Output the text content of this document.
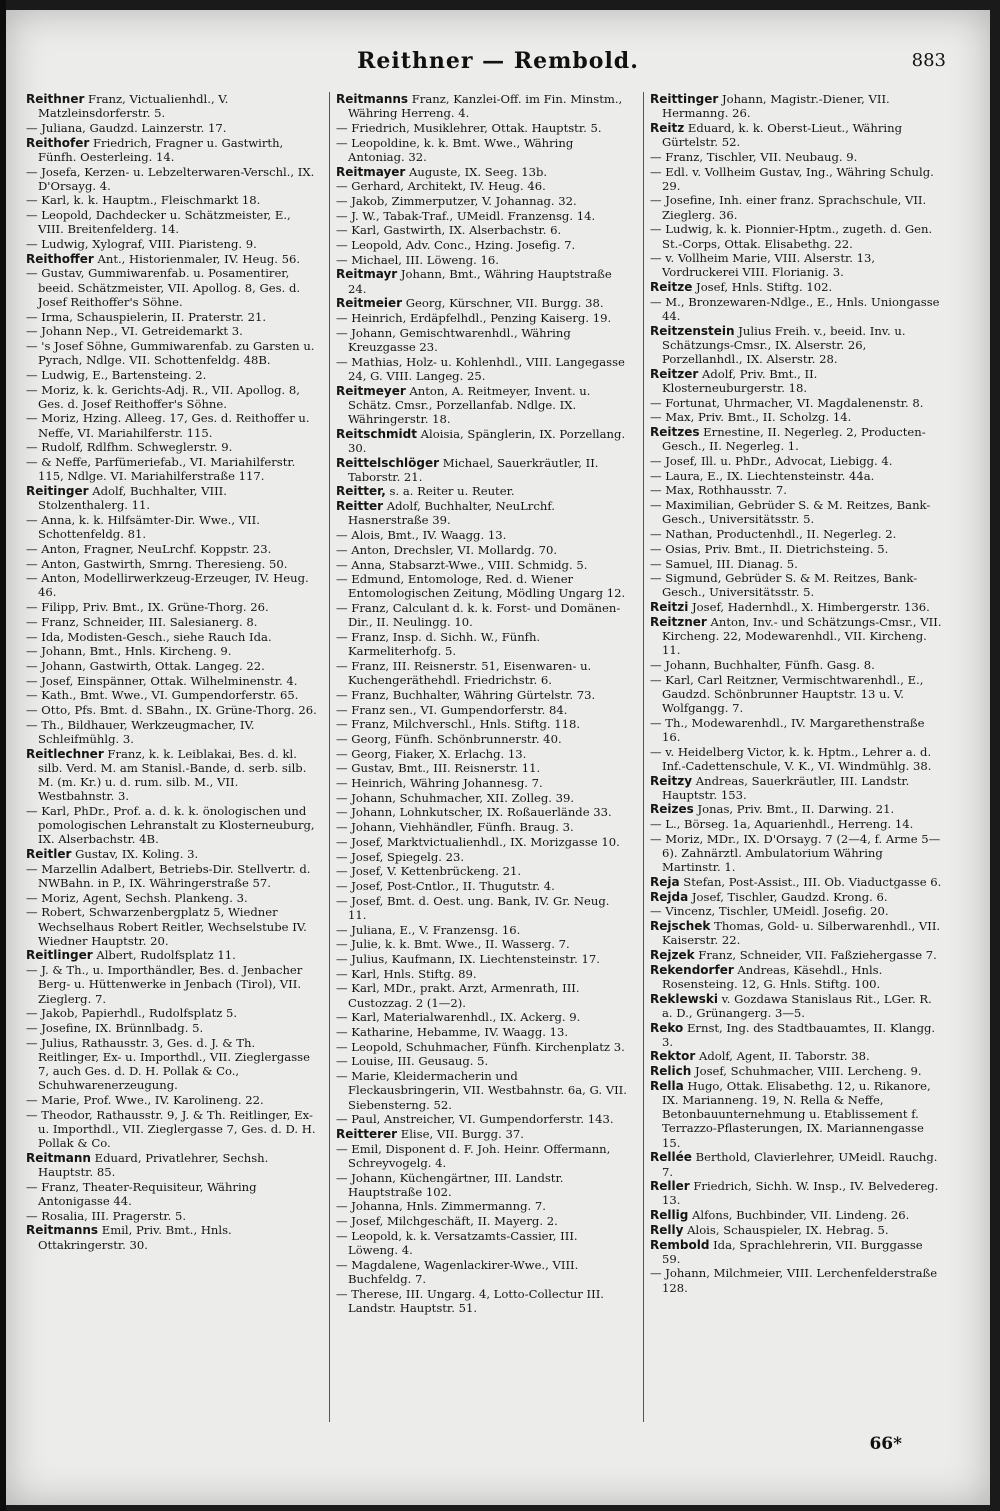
Reithner — Rembold.	883
Reithner Franz, Victualienhdl., V. Matzleinsdorferstr. 5.
— Juliana, Gaudzd. Lainzerstr. 17.
Reithofer Friedrich, Fragner u. Gastwirth, Fünfh. Oesterleing. 14.
— Josefa, Kerzen- u. Lebzelterwaren-Verschl., IX. D'Orsayg. 4.
— Karl, k. k. Hauptm., Fleischmarkt 18.
— Leopold, Dachdecker u. Schätzmeister, E., VIII. Breitenfelderg. 14.
— Ludwig, Xylograf, VIII. Piaristeng. 9.
Reithoffer Ant., Historienmaler, IV. Heug. 56.
— Gustav, Gummiwarenfab. u. Posamentirer, beeid. Schätzmeister, VII. Apollog. 8, Ges. d. Josef Reithoffer's Söhne.
— Irma, Schauspielerin, II. Praterstr. 21.
— Johann Nep., VI. Getreidemarkt 3.
— 's Josef Söhne, Gummiwarenfab. zu Garsten u. Pyrach, Ndlge. VII. Schottenfeldg. 48B.
— Ludwig, E., Bartensteing. 2.
— Moriz, k. k. Gerichts-Adj. R., VII. Apollog. 8, Ges. d. Josef Reithoffer's Söhne.
— Moriz, Hzing. Alleeg. 17, Ges. d. Reithoffer u. Neffe, VI. Mariahilferstr. 115.
— Rudolf, Rdlfhm. Schweglerstr. 9.
— & Neffe, Parfümeriefab., VI. Mariahilferstr. 115, Ndlge. VI. Mariahilferstraße 117.
Reitinger Adolf, Buchhalter, VIII. Stolzenthalerg. 11.
— Anna, k. k. Hilfsämter-Dir. Wwe., VII. Schottenfeldg. 81.
— Anton, Fragner, NeuLrchf. Koppstr. 23.
— Anton, Gastwirth, Smrng. Theresieng. 50.
— Anton, Modellirwerkzeug-Erzeuger, IV. Heug. 46.
— Filipp, Priv. Bmt., IX. Grüne-Thorg. 26.
— Franz, Schneider, III. Salesianerg. 8.
— Ida, Modisten-Gesch., siehe Rauch Ida.
— Johann, Bmt., Hnls. Kircheng. 9.
— Johann, Gastwirth, Ottak. Langeg. 22.
— Josef, Einspänner, Ottak. Wilhelminenstr. 4.
— Kath., Bmt. Wwe., VI. Gumpendorferstr. 65.
— Otto, Pfs. Bmt. d. SBahn., IX. Grüne-Thorg. 26.
— Th., Bildhauer, Werkzeugmacher, IV. Schleifmühlg. 3.
Reitlechner Franz, k. k. Leiblakai, Bes. d. kl. silb. Verd. M. am Stanisl.-Bande, d. serb. silb. M. (m. Kr.) u. d. rum. silb. M., VII. Westbahnstr. 3.
— Karl, PhDr., Prof. a. d. k. k. önologischen und pomologischen Lehranstalt zu Klosterneuburg, IX. Alserbachstr. 4B.
Reitler Gustav, IX. Koling. 3.
— Marzellin Adalbert, Betriebs-Dir. Stellvertr. d. NWBahn. in P., IX. Währingerstraße 57.
— Moriz, Agent, Sechsh. Plankeng. 3.
— Robert, Schwarzenbergplatz 5, Wiedner Wechselhaus Robert Reitler, Wechselstube IV. Wiedner Hauptstr. 20.
Reitlinger Albert, Rudolfsplatz 11.
— J. & Th., u. Importhändler, Bes. d. Jenbacher Berg- u. Hüttenwerke in Jenbach (Tirol), VII. Zieglerg. 7.
— Jakob, Papierhdl., Rudolfsplatz 5.
— Josefine, IX. Brünnlbadg. 5.
— Julius, Rathausstr. 3, Ges. d. J. & Th. Reitlinger, Ex- u. Importhdl., VII. Zieglergasse 7, auch Ges. d. D. H. Pollak & Co., Schuhwarenerzeugung.
— Marie, Prof. Wwe., IV. Karolineng. 22.
— Theodor, Rathausstr. 9, J. & Th. Reitlinger, Ex- u. Importhdl., VII. Zieglergasse 7, Ges. d. D. H. Pollak & Co.
Reitmann Eduard, Privatlehrer, Sechsh. Hauptstr. 85.
— Franz, Theater-Requisiteur, Währing Antonigasse 44.
— Rosalia, III. Pragerstr. 5.
Reitmanns Emil, Priv. Bmt., Hnls. Ottakringerstr. 30.
Reitmanns Franz, Kanzlei-Off. im Fin. Minstm., Währing Herreng. 4.
— Friedrich, Musiklehrer, Ottak. Hauptstr. 5.
— Leopoldine, k. k. Bmt. Wwe., Währing Antoniag. 32.
Reitmayer Auguste, IX. Seeg. 13b.
— Gerhard, Architekt, IV. Heug. 46.
— Jakob, Zimmerputzer, V. Johannag. 32.
— J. W., Tabak-Traf., UMeidl. Franzensg. 14.
— Karl, Gastwirth, IX. Alserbachstr. 6.
— Leopold, Adv. Conc., Hzing. Josefig. 7.
— Michael, III. Löweng. 16.
Reitmayr Johann, Bmt., Währing Hauptstraße 24.
Reitmeier Georg, Kürschner, VII. Burgg. 38.
— Heinrich, Erdäpfelhdl., Penzing Kaiserg. 19.
— Johann, Gemischtwarenhdl., Währing Kreuzgasse 23.
— Mathias, Holz- u. Kohlenhdl., VIII. Langegasse 24, G. VIII. Langeg. 25.
Reitmeyer Anton, A. Reitmeyer, Invent. u. Schätz. Cmsr., Porzellanfab. Ndlge. IX. Währingerstr. 18.
Reitschmidt Aloisia, Spänglerin, IX. Porzellang. 30.
Reittelschlöger Michael, Sauerkräutler, II. Taborstr. 21.
Reitter, s. a. Reiter u. Reuter.
Reitter Adolf, Buchhalter, NeuLrchf. Hasnerstraße 39.
— Alois, Bmt., IV. Waagg. 13.
— Anton, Drechsler, VI. Mollardg. 70.
— Anna, Stabsarzt-Wwe., VIII. Schmidg. 5.
— Edmund, Entomologe, Red. d. Wiener Entomologischen Zeitung, Mödling Ungarg 12.
— Franz, Calculant d. k. k. Forst- und Domänen-Dir., II. Neulingg. 10.
— Franz, Insp. d. Sichh. W., Fünfh. Karmeliterhofg. 5.
— Franz, III. Reisnerstr. 51, Eisenwaren- u. Kuchengeräthehdl. Friedrichstr. 6.
— Franz, Buchhalter, Währing Gürtelstr. 73.
— Franz sen., VI. Gumpendorferstr. 84.
— Franz, Milchverschl., Hnls. Stiftg. 118.
— Georg, Fünfh. Schönbrunnerstr. 40.
— Georg, Fiaker, X. Erlachg. 13.
— Gustav, Bmt., III. Reisnerstr. 11.
— Heinrich, Währing Johannesg. 7.
— Johann, Schuhmacher, XII. Zolleg. 39.
— Johann, Lohnkutscher, IX. Roßauerlände 33.
— Johann, Viehhändler, Fünfh. Braug. 3.
— Josef, Marktvictualienhdl., IX. Morizgasse 10.
— Josef, Spiegelg. 23.
— Josef, V. Kettenbrückeng. 21.
— Josef, Post-Cntlor., II. Thugutstr. 4.
— Josef, Bmt. d. Oest. ung. Bank, IV. Gr. Neug. 11.
— Juliana, E., V. Franzensg. 16.
— Julie, k. k. Bmt. Wwe., II. Wasserg. 7.
— Julius, Kaufmann, IX. Liechtensteinstr. 17.
— Karl, Hnls. Stiftg. 89.
— Karl, MDr., prakt. Arzt, Armenrath, III. Custozzag. 2 (1—2).
— Karl, Materialwarenhdl., IX. Ackerg. 9.
— Katharine, Hebamme, IV. Waagg. 13.
— Leopold, Schuhmacher, Fünfh. Kirchenplatz 3.
— Louise, III. Geusaug. 5.
— Marie, Kleidermacherin und Fleckausbringerin, VII. Westbahnstr. 6a, G. VII. Siebensterng. 52.
— Paul, Anstreicher, VI. Gumpendorferstr. 143.
Reitterer Elise, VII. Burgg. 37.
— Emil, Disponent d. F. Joh. Heinr. Offermann, Schreyvogelg. 4.
— Johann, Küchengärtner, III. Landstr. Hauptstraße 102.
— Johanna, Hnls. Zimmermanng. 7.
— Josef, Milchgeschäft, II. Mayerg. 2.
— Leopold, k. k. Versatzamts-Cassier, III. Löweng. 4.
— Magdalene, Wagenlackirer-Wwe., VIII. Buchfeldg. 7.
— Therese, III. Ungarg. 4, Lotto-Collectur III. Landstr. Hauptstr. 51.
Reittinger Johann, Magistr.-Diener, VII. Hermanng. 26.
Reitz Eduard, k. k. Oberst-Lieut., Währing Gürtelstr. 52.
— Franz, Tischler, VII. Neubaug. 9.
— Edl. v. Vollheim Gustav, Ing., Währing Schulg. 29.
— Josefine, Inh. einer franz. Sprachschule, VII. Zieglerg. 36.
— Ludwig, k. k. Pionnier-Hptm., zugeth. d. Gen. St.-Corps, Ottak. Elisabethg. 22.
— v. Vollheim Marie, VIII. Alserstr. 13, Vordruckerei VIII. Florianig. 3.
Reitze Josef, Hnls. Stiftg. 102.
— M., Bronzewaren-Ndlge., E., Hnls. Uniongasse 44.
Reitzenstein Julius Freih. v., beeid. Inv. u. Schätzungs-Cmsr., IX. Alserstr. 26, Porzellanhdl., IX. Alserstr. 28.
Reitzer Adolf, Priv. Bmt., II. Klosterneuburgerstr. 18.
— Fortunat, Uhrmacher, VI. Magdalenenstr. 8.
— Max, Priv. Bmt., II. Scholzg. 14.
Reitzes Ernestine, II. Negerleg. 2, Producten-Gesch., II. Negerleg. 1.
— Josef, Ill. u. PhDr., Advocat, Liebigg. 4.
— Laura, E., IX. Liechtensteinstr. 44a.
— Max, Rothhausstr. 7.
— Maximilian, Gebrüder S. & M. Reitzes, Bank-Gesch., Universitätsstr. 5.
— Nathan, Productenhdl., II. Negerleg. 2.
— Osias, Priv. Bmt., II. Dietrichsteing. 5.
— Samuel, III. Dianag. 5.
— Sigmund, Gebrüder S. & M. Reitzes, Bank-Gesch., Universitätsstr. 5.
Reitzi Josef, Hadernhdl., X. Himbergerstr. 136.
Reitzner Anton, Inv.- und Schätzungs-Cmsr., VII. Kircheng. 22, Modewarenhdl., VII. Kircheng. 11.
— Johann, Buchhalter, Fünfh. Gasg. 8.
— Karl, Carl Reitzner, Vermischtwarenhdl., E., Gaudzd. Schönbrunner Hauptstr. 13 u. V. Wolfgangg. 7.
— Th., Modewarenhdl., IV. Margarethenstraße 16.
— v. Heidelberg Victor, k. k. Hptm., Lehrer a. d. Inf.-Cadettenschule, V. K., VI. Windmühlg. 38.
Reitzy Andreas, Sauerkräutler, III. Landstr. Hauptstr. 153.
Reizes Jonas, Priv. Bmt., II. Darwing. 21.
— L., Börseg. 1a, Aquarienhdl., Herreng. 14.
— Moriz, MDr., IX. D'Orsayg. 7 (2—4, f. Arme 5—6). Zahnärztl. Ambulatorium Währing Martinstr. 1.
Reja Stefan, Post-Assist., III. Ob. Viaductgasse 6.
Rejda Josef, Tischler, Gaudzd. Krong. 6.
— Vincenz, Tischler, UMeidl. Josefig. 20.
Rejschek Thomas, Gold- u. Silberwarenhdl., VII. Kaiserstr. 22.
Rejzek Franz, Schneider, VII. Faßziehergasse 7.
Rekendorfer Andreas, Käsehdl., Hnls. Rosensteing. 12, G. Hnls. Stiftg. 100.
Reklewski v. Gozdawa Stanislaus Rit., LGer. R. a. D., Grünangerg. 3—5.
Reko Ernst, Ing. des Stadtbauamtes, II. Klangg. 3.
Rektor Adolf, Agent, II. Taborstr. 38.
Relich Josef, Schuhmacher, VIII. Lercheng. 9.
Rella Hugo, Ottak. Elisabethg. 12, u. Rikanore, IX. Marianneng. 19, N. Rella & Neffe, Betonbauunternehmung u. Etablissement f. Terrazzo-Pflasterungen, IX. Mariannengasse 15.
Rellée Berthold, Clavierlehrer, UMeidl. Rauchg. 7.
Reller Friedrich, Sichh. W. Insp., IV. Belvedereg. 13.
Rellig Alfons, Buchbinder, VII. Lindeng. 26.
Relly Alois, Schauspieler, IX. Hebrag. 5.
Rembold Ida, Sprachlehrerin, VII. Burggasse 59.
— Johann, Milchmeier, VIII. Lerchenfelderstraße 128.
66*
